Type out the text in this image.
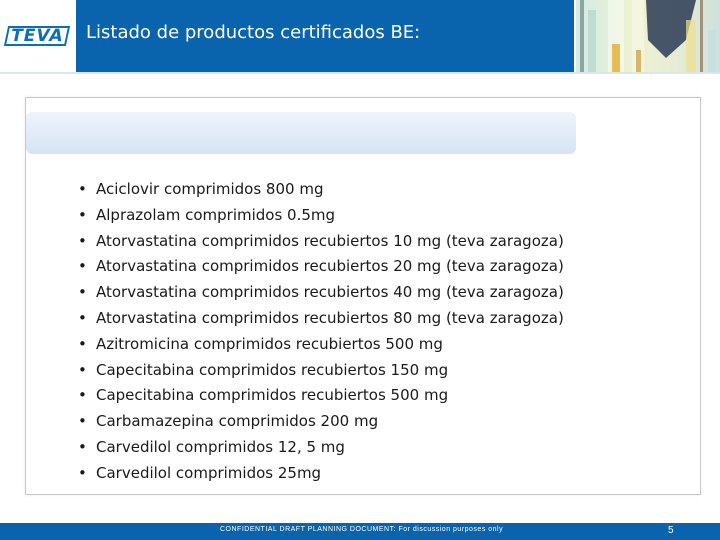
TEVA Listado de productos certificados BE:
• Aciclovir comprimidos 800 mg
• Alprazolam comprimidos 0.5mg
• Atorvastatina comprimidos recubiertos 10 mg (teva zaragoza)
• Atorvastatina comprimidos recubiertos 20 mg (teva zaragoza)
• Atorvastatina comprimidos recubiertos 40 mg (teva zaragoza)
• Atorvastatina comprimidos recubiertos 80 mg (teva zaragoza)
• Azitromicina comprimidos recubiertos 500 mg
• Capecitabina comprimidos recubiertos 150 mg
• Capecitabina comprimidos recubiertos 500 mg
• Carbamazepina comprimidos 200 mg
• Carvedilol comprimidos 12, 5 mg
• Carvedilol comprimidos 25mg
CONFIDENTIAL DRAFT PLANNING DOCUMENT: For discussion purposes only	5
